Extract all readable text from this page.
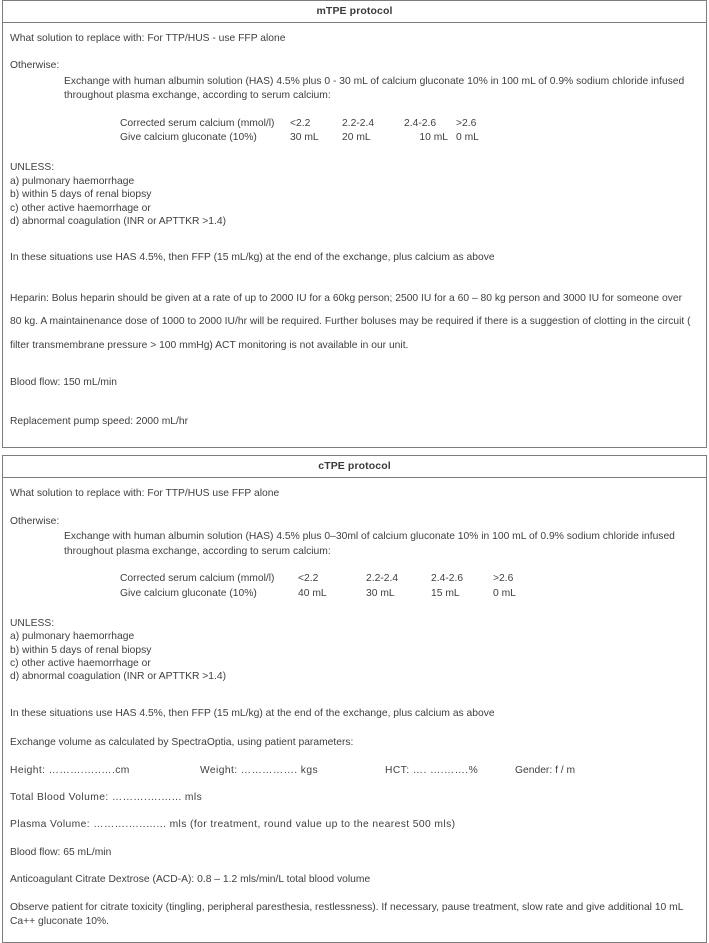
mTPE protocol
What solution to replace with: For TTP/HUS - use FFP alone
Otherwise:
Exchange with human albumin solution (HAS) 4.5% plus 0 - 30 mL of calcium gluconate 10% in 100 mL of 0.9% sodium chloride infused throughout plasma exchange, according to serum calcium:
Corrected serum calcium (mmol/l)	<2.2	2.2-2.4	2.4-2.6	>2.6
Give calcium gluconate (10%)	30 mL	20 mL	10 mL	0 mL
UNLESS:
a) pulmonary haemorrhage
b) within 5 days of renal biopsy
c) other active haemorrhage or
d) abnormal coagulation (INR or APTTKR >1.4)
In these situations use HAS 4.5%, then FFP (15 mL/kg) at the end of the exchange, plus calcium as above
Heparin: Bolus heparin should be given at a rate of up to 2000 IU for a 60kg person; 2500 IU for a 60 – 80 kg person and 3000 IU for someone over 80 kg. A maintainenance dose of 1000 to 2000 IU/hr will be required. Further boluses may be required if there is a suggestion of clotting in the circuit ( filter transmembrane pressure > 100 mmHg) ACT monitoring is not available in our unit.
Blood flow: 150 mL/min
Replacement pump speed: 2000 mL/hr
cTPE protocol
What solution to replace with: For TTP/HUS use FFP alone
Otherwise:
Exchange with human albumin solution (HAS) 4.5% plus 0–30ml of calcium gluconate 10% in 100 mL of 0.9% sodium chloride infused throughout plasma exchange, according to serum calcium:
Corrected serum calcium (mmol/l)	<2.2	2.2-2.4	2.4-2.6	>2.6
Give calcium gluconate (10%)	40 mL	30 mL	15 mL	0 mL
UNLESS:
a) pulmonary haemorrhage
b) within 5 days of renal biopsy
c) other active haemorrhage or
d) abnormal coagulation (INR or APTTKR >1.4)
In these situations use HAS 4.5%, then FFP (15 mL/kg) at the end of the exchange, plus calcium as above
Exchange volume as calculated by SpectraOptia, using patient parameters:
Height: ……….…..….cm	Weight: ……………. kgs	HCT: …. ….…….%	Gender: f / m
Total Blood Volume: ……….….…... mls
Plasma Volume: ……….…..…... mls (for treatment, round value up to the nearest 500 mls)
Blood flow: 65 mL/min
Anticoagulant Citrate Dextrose (ACD-A): 0.8 – 1.2 mls/min/L total blood volume
Observe patient for citrate toxicity (tingling, peripheral paresthesia, restlessness). If necessary, pause treatment, slow rate and give additional 10 mL Ca++ gluconate 10%.
